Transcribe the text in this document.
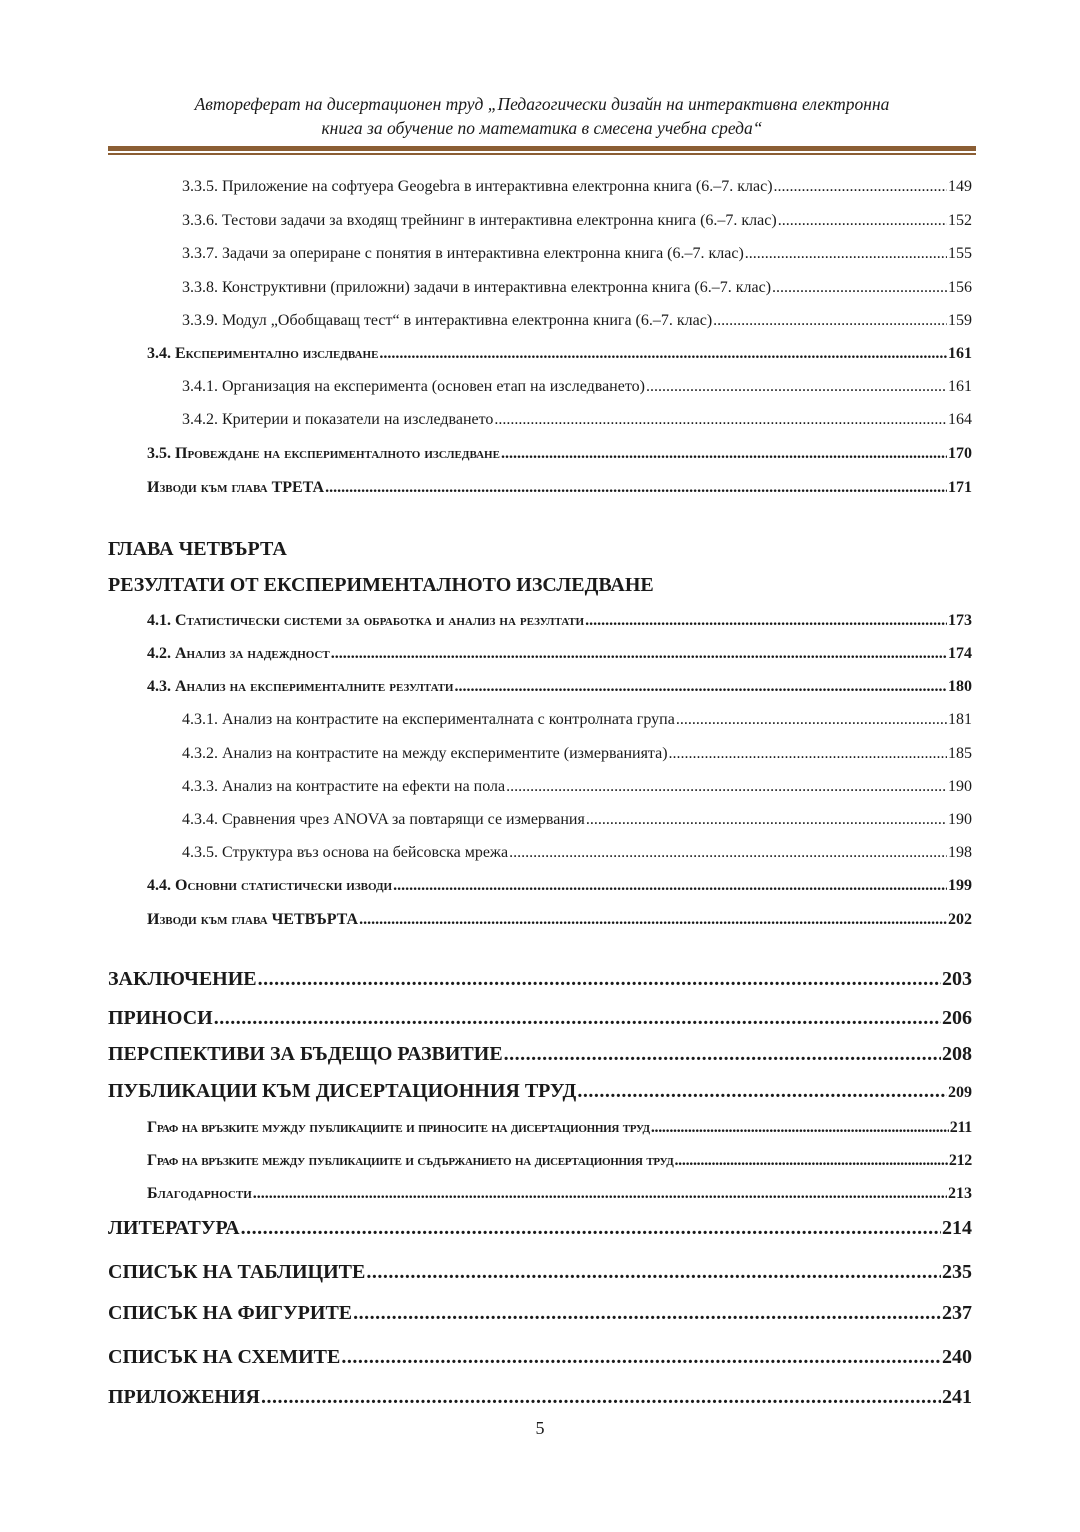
Автореферат на дисертационен труд „Педагогически дизайн на интерактивна електронна
книга за обучение по математика в смесена учебна среда“
3.3.5. Приложение на софтуера Geogebra в интерактивна електронна книга (6.–7. клас) .....	149
3.3.6. Тестови задачи за входящ трейнинг в интерактивна електронна книга (6.–7. клас) .....	152
3.3.7. Задачи за опериране с понятия в интерактивна електронна книга (6.–7. клас) .....	155
3.3.8. Конструктивни (приложни) задачи в интерактивна електронна книга (6.–7. клас) .....	156
3.3.9. Модул „Обобщаващ тест“ в интерактивна електронна книга (6.–7. клас) .....	159
3.4. Експериментално изследване .....	161
3.4.1. Организация на експеримента (основен етап на изследването) .....	161
3.4.2. Критерии и показатели на изследването .....	164
3.5. Провеждане на експерименталното изследване .....	170
Изводи към глава ТРЕТА .....	171
ГЛАВА ЧЕТВЪРТА
РЕЗУЛТАТИ ОТ ЕКСПЕРИМЕНТАЛНОТО ИЗСЛЕДВАНЕ
4.1. Статистически системи за обработка и анализ на резултати .....	173
4.2. Анализ за надеждност .....	174
4.3. Анализ на експерименталните резултати .....	180
4.3.1. Анализ на контрастите на експерименталната с контролната група .....	181
4.3.2. Анализ на контрастите на между експериментите (измерванията) .....	185
4.3.3. Анализ на контрастите на ефекти на пола .....	190
4.3.4. Сравнения чрез ANOVA за повтарящи се измервания .....	190
4.3.5. Структура въз основа на бейсовска мрежа .....	198
4.4. Основни статистически изводи .....	199
Изводи към глава ЧЕТВЪРТА .....	202
ЗАКЛЮЧЕНИЕ .....	203
ПРИНОСИ .....	206
ПЕРСПЕКТИВИ ЗА БЪДЕЩО РАЗВИТИЕ .....	208
ПУБЛИКАЦИИ КЪМ ДИСЕРТАЦИОННИЯ ТРУД .....	209
Граф на връзките мужду публикациите и приносите на дисертационния труд .....	211
Граф на връзките между публикациите и съдържанието на дисертационния труд .....	212
Благодарности .....	213
ЛИТЕРАТУРА .....	214
СПИСЪК НА ТАБЛИЦИТЕ .....	235
СПИСЪК НА ФИГУРИТЕ .....	237
СПИСЪК НА СХЕМИТЕ .....	240
ПРИЛОЖЕНИЯ .....	241
5
